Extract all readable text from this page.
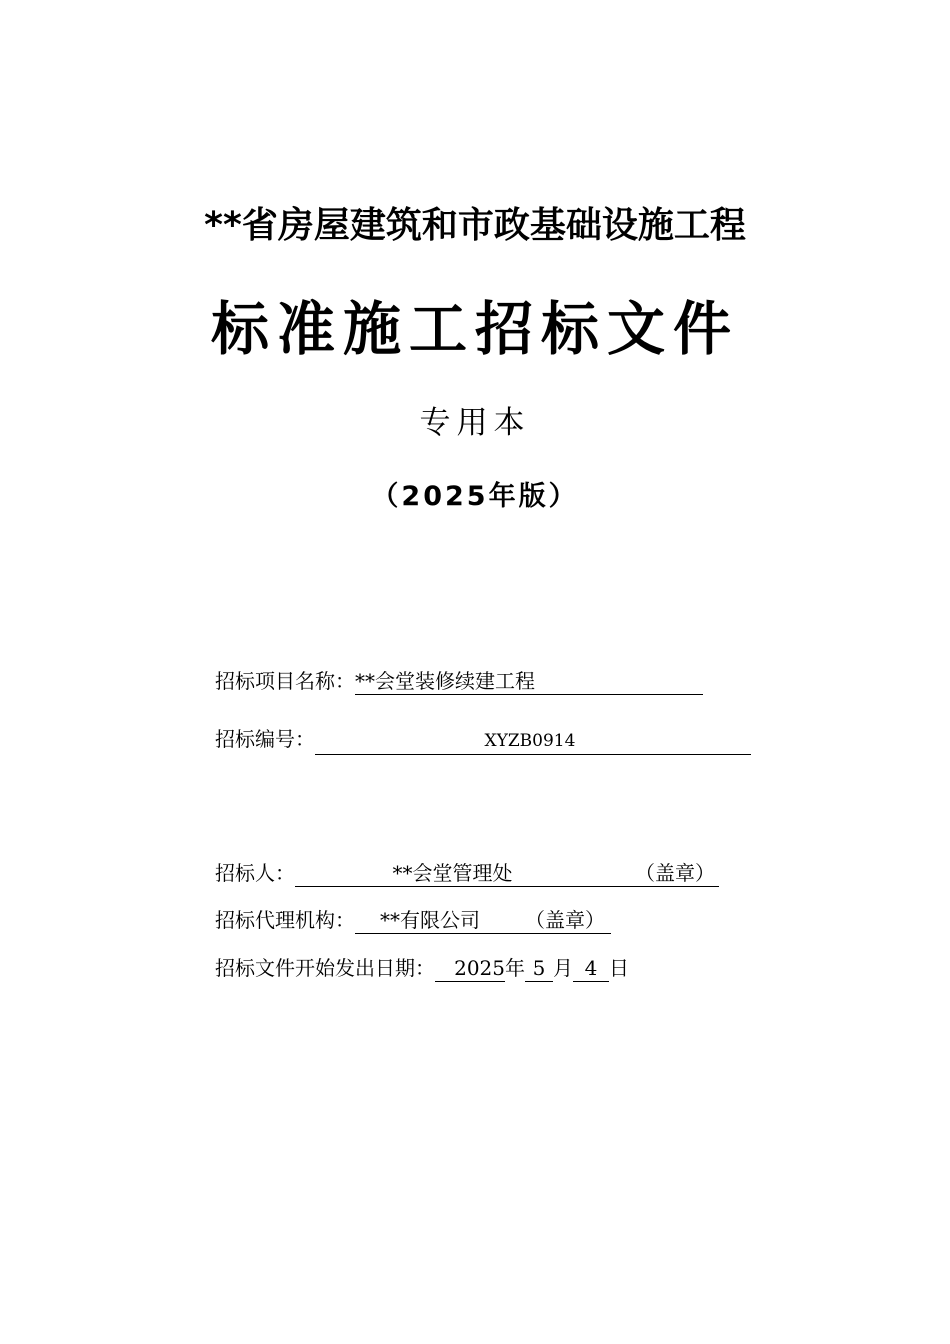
**省房屋建筑和市政基础设施工程
标准施工招标文件
专用本
（2025年版）
招标项目名称：**会堂装修续建工程
招标编号：	XYZB0914
招标人：	**会堂管理处	（盖章）
招标代理机构： **有限公司 （盖章）
招标文件开始发出日期： 2025年 5 月 4 日
